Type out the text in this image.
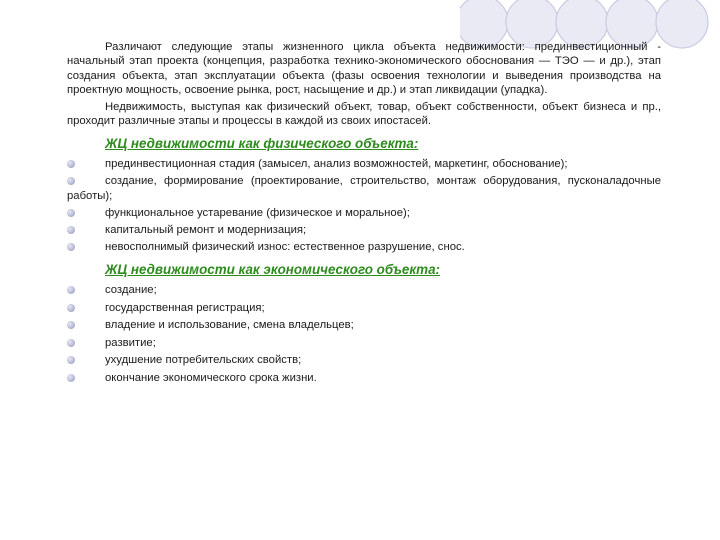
Различают следующие этапы жизненного цикла объекта недвижимости: прединвестиционный - начальный этап проекта (концепция, разработка технико-экономического обоснования — ТЭО — и др.), этап создания объекта, этап эксплуатации объекта (фазы освоения технологии и выведения производства на проектную мощность, освоение рынка, рост, насыщение и др.) и этап ликвидации (упадка).

Недвижимость, выступая как физический объект, товар, объект собственности, объект бизнеса и пр., проходит различные этапы и процессы в каждой из своих ипостасей.

ЖЦ недвижимости как физического объекта:
прединвестиционная стадия (замысел, анализ возможностей, маркетинг, обоснование);
создание, формирование (проектирование, строительство, монтаж оборудования, пусконаладочные работы);
функциональное устаревание (физическое и моральное);
капитальный ремонт и модернизация;
невосполнимый физический износ: естественное разрушение, снос.
ЖЦ недвижимости как экономического объекта:
создание;
государственная регистрация;
владение и использование, смена владельцев;
развитие;
ухудшение потребительских свойств;
окончание экономического срока жизни.
